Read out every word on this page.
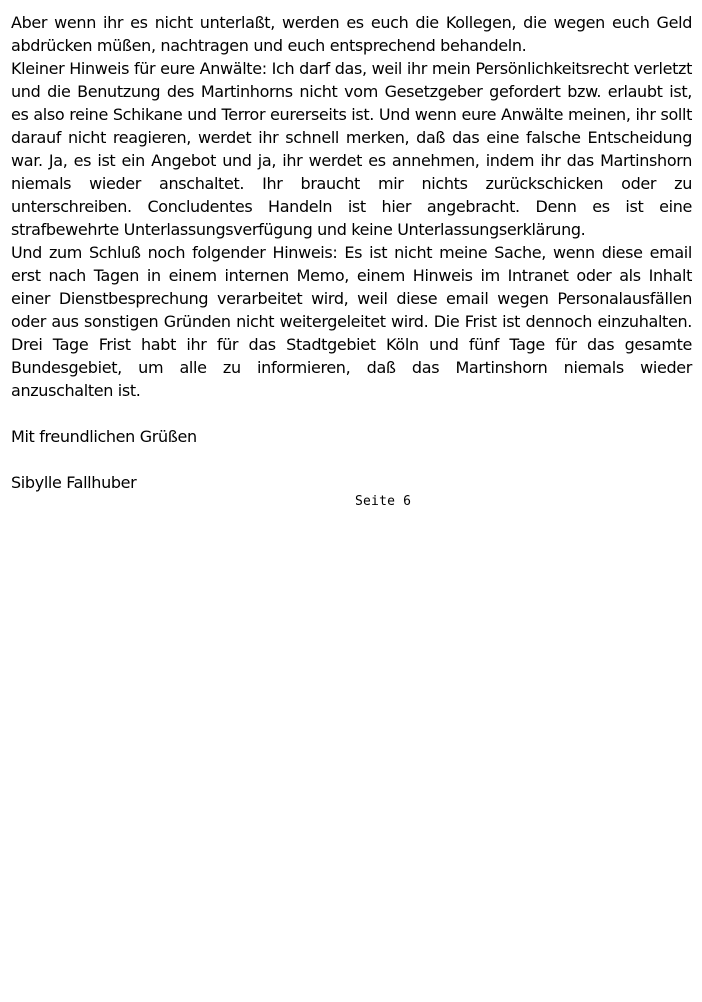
Aber wenn ihr es nicht unterlaßt, werden es euch die Kollegen, die wegen euch Geld abdrücken müßen, nachtragen und euch entsprechend behandeln.

Kleiner Hinweis für eure Anwälte: Ich darf das, weil ihr mein Persönlichkeitsrecht verletzt und die Benutzung des Martinhorns nicht vom Gesetzgeber gefordert bzw. erlaubt ist, es also reine Schikane und Terror eurerseits ist. Und wenn eure Anwälte meinen, ihr sollt darauf nicht reagieren, werdet ihr schnell merken, daß das eine falsche Entscheidung war. Ja, es ist ein Angebot und ja, ihr werdet es annehmen, indem ihr das Martinshorn niemals wieder anschaltet. Ihr braucht mir nichts zurückschicken oder zu unterschreiben. Concludentes Handeln ist hier angebracht. Denn es ist eine strafbewehrte Unterlassungsverfügung und keine Unterlassungserklärung.

Und zum Schluß noch folgender Hinweis: Es ist nicht meine Sache, wenn diese email erst nach Tagen in einem internen Memo, einem Hinweis im Intranet oder als Inhalt einer Dienstbesprechung verarbeitet wird, weil diese email wegen Personalausfällen oder aus sonstigen Gründen nicht weitergeleitet wird. Die Frist ist dennoch einzuhalten. Drei Tage Frist habt ihr für das Stadtgebiet Köln und fünf Tage für das gesamte Bundesgebiet, um alle zu informieren, daß das Martinshorn niemals wieder anzuschalten ist.

Mit freundlichen Grüßen

Sibylle Fallhuber

Seite 6
